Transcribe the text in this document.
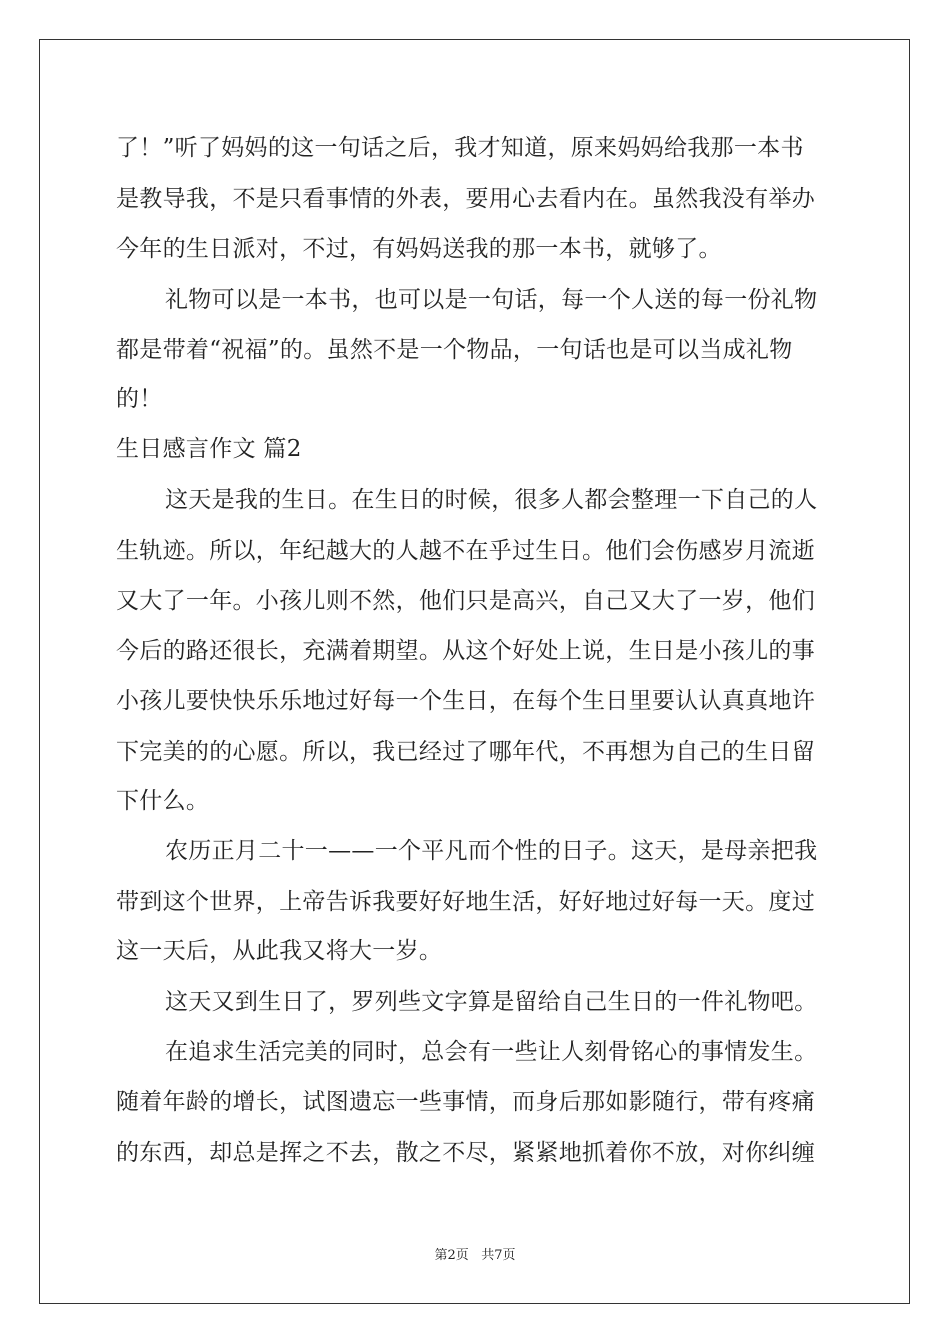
了！”听了妈妈的这一句话之后，我才知道，原来妈妈给我那一本书

是教导我，不是只看事情的外表，要用心去看内在。虽然我没有举办

今年的生日派对，不过，有妈妈送我的那一本书，就够了。

礼物可以是一本书，也可以是一句话，每一个人送的每一份礼物

都是带着“祝福”的。虽然不是一个物品，一句话也是可以当成礼物

的！

生日感言作文 篇2

这天是我的生日。在生日的时候，很多人都会整理一下自己的人

生轨迹。所以，年纪越大的人越不在乎过生日。他们会伤感岁月流逝

又大了一年。小孩儿则不然，他们只是高兴，自己又大了一岁，他们

今后的路还很长，充满着期望。从这个好处上说，生日是小孩儿的事

小孩儿要快快乐乐地过好每一个生日，在每个生日里要认认真真地许

下完美的的心愿。所以，我已经过了哪年代，不再想为自己的生日留

下什么。

农历正月二十一——一个平凡而个性的日子。这天，是母亲把我

带到这个世界，上帝告诉我要好好地生活，好好地过好每一天。度过

这一天后，从此我又将大一岁。

这天又到生日了，罗列些文字算是留给自己生日的一件礼物吧。

在追求生活完美的同时，总会有一些让人刻骨铭心的事情发生。

随着年龄的增长，试图遗忘一些事情，而身后那如影随行，带有疼痛

的东西，却总是挥之不去，散之不尽，紧紧地抓着你不放，对你纠缠

第2页 共7页
